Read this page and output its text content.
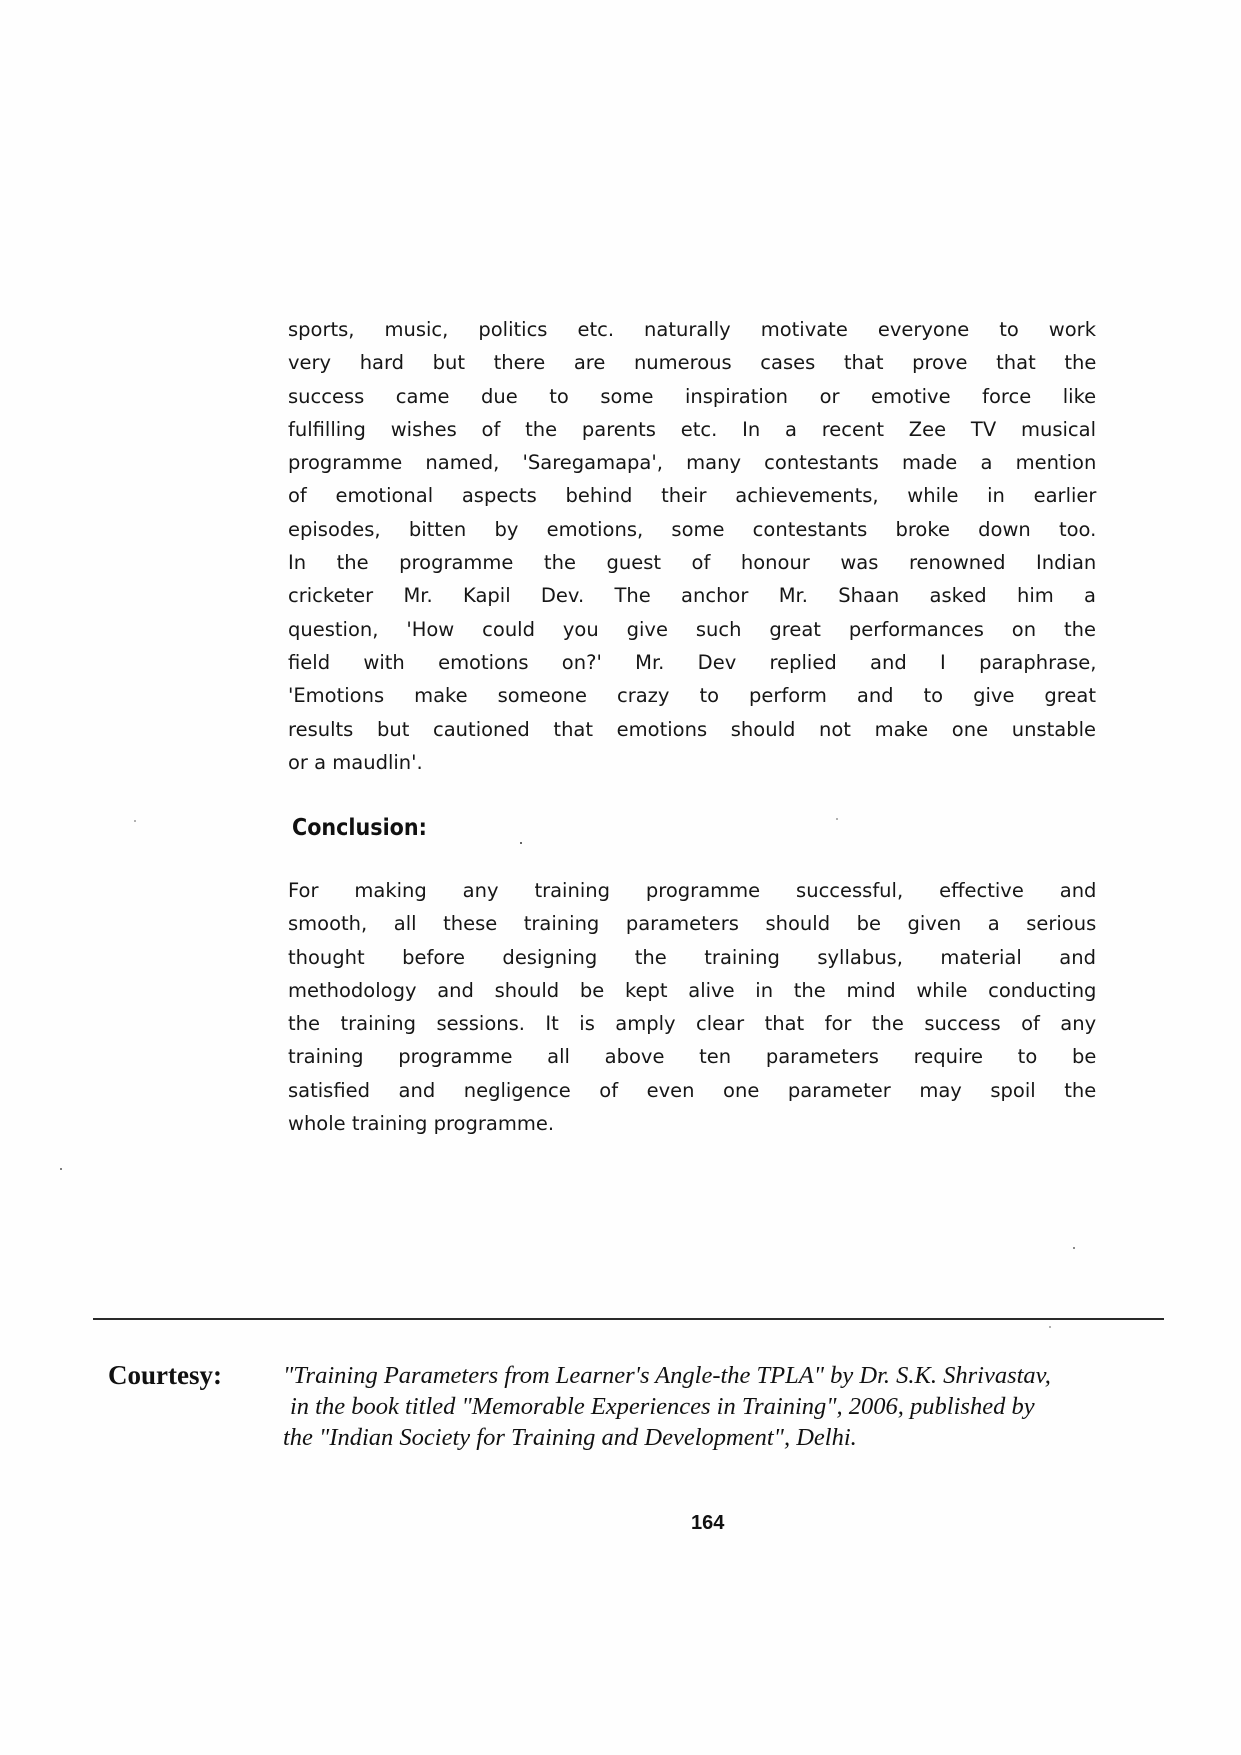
sports, music, politics etc. naturally motivate everyone to work
very hard but there are numerous cases that prove that the
success came due to some inspiration or emotive force like
fulfilling wishes of the parents etc. In a recent Zee TV musical
programme named, 'Saregamapa', many contestants made a mention
of emotional aspects behind their achievements, while in earlier
episodes, bitten by emotions, some contestants broke down too.
In the programme the guest of honour was renowned Indian
cricketer Mr. Kapil Dev. The anchor Mr. Shaan asked him a
question, 'How could you give such great performances on the
field with emotions on?' Mr. Dev replied and I paraphrase,
'Emotions make someone crazy to perform and to give great
results but cautioned that emotions should not make one unstable
or a maudlin'.
Conclusion:
For making any training programme successful, effective and
smooth, all these training parameters should be given a serious
thought before designing the training syllabus, material and
methodology and should be kept alive in the mind while conducting
the training sessions. It is amply clear that for the success of any
training programme all above ten parameters require to be
satisfied and negligence of even one parameter may spoil the
whole training programme.
Courtesy: "Training Parameters from Learner's Angle-the TPLA" by Dr. S.K. Shrivastav,
in the book titled "Memorable Experiences in Training", 2006, published by
the "Indian Society for Training and Development", Delhi.
164
